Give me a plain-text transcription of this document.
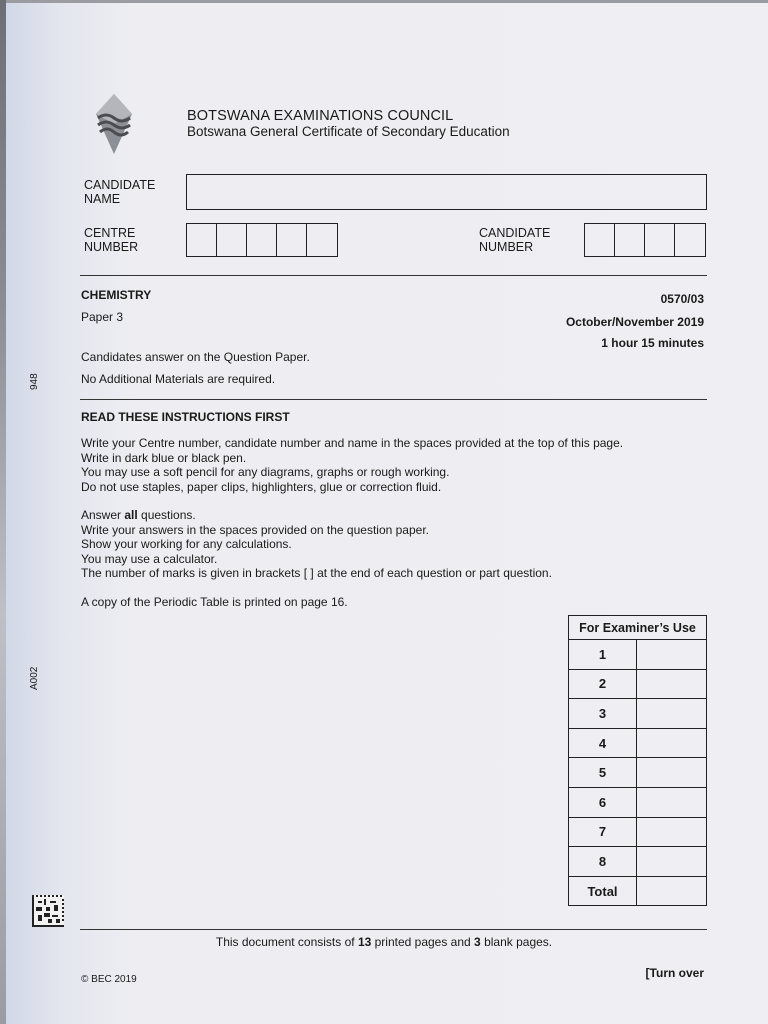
BOTSWANA EXAMINATIONS COUNCIL
Botswana General Certificate of Secondary Education
CANDIDATE
NAME
CENTRE
NUMBER
CANDIDATE
NUMBER
CHEMISTRY
Paper 3
0570/03
October/November 2019
1 hour 15 minutes
Candidates answer on the Question Paper.
No Additional Materials are required.
READ THESE INSTRUCTIONS FIRST
Write your Centre number, candidate number and name in the spaces provided at the top of this page.
Write in dark blue or black pen.
You may use a soft pencil for any diagrams, graphs or rough working.
Do not use staples, paper clips, highlighters, glue or correction fluid.
Answer all questions.
Write your answers in the spaces provided on the question paper.
Show your working for any calculations.
You may use a calculator.
The number of marks is given in brackets [ ] at the end of each question or part question.
A copy of the Periodic Table is printed on page 16.
For Examiner’s Use	
1	
2	
3	
4	
5	
6	
7	
8	
Total	
This document consists of 13 printed pages and 3 blank pages.
© BEC 2019	[Turn over
948
A002
